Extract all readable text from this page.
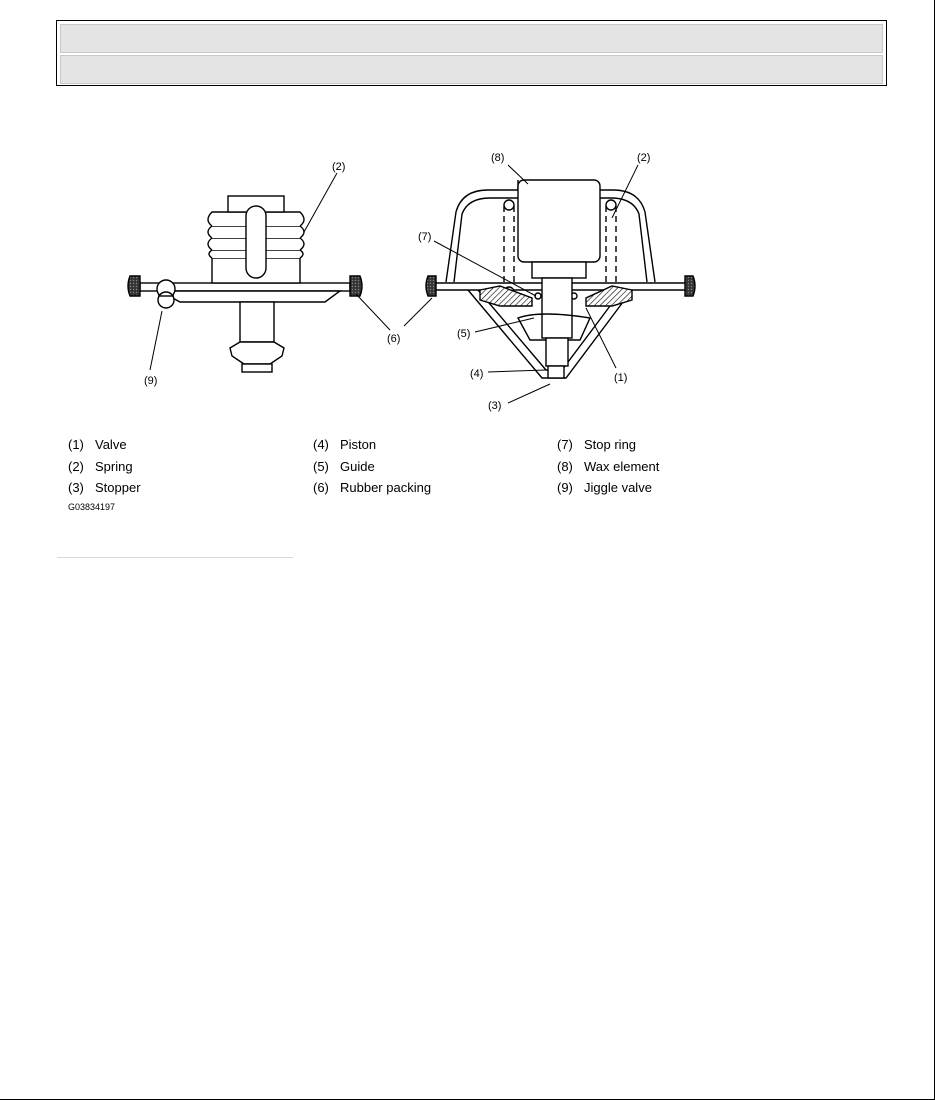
(2)
(9)
(6)
(8)	(2)
(7)
(5)
(4)
(3)
(1)
(1) Valve
(2) Spring
(3) Stopper
(4) Piston
(5) Guide
(6) Rubber packing
(7) Stop ring
(8) Wax element
(9) Jiggle valve
G03834197
